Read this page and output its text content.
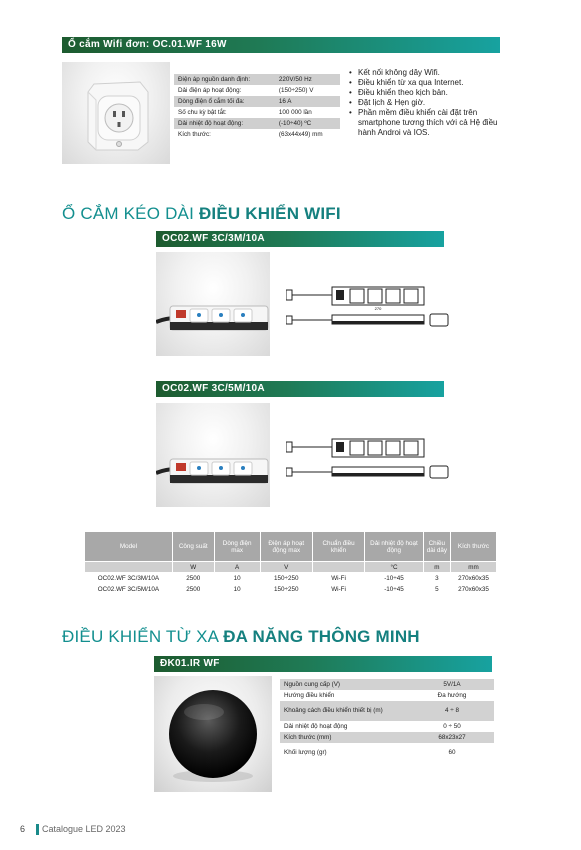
Ổ cắm Wifi đơn: OC.01.WF 16W
Điện áp nguồn danh định:	220V/50 Hz
Dải điện áp hoạt động:	(150÷250) V
Dòng điện ổ cắm tối đa:	16 A
Số chu kỳ bật tắt:	100 000 lần
Dải nhiệt độ hoạt động:	(-10÷40) ºC
Kích thước:	(63x44x49) mm
• Kết nối không dây Wifi.
• Điều khiển từ xa qua Internet.
• Điều khiển theo kịch bản.
• Đặt lịch & Hẹn giờ.
• Phần mềm điều khiển cài đặt trên smartphone tương thích với cả Hệ điều hành Androi và IOS.
Ổ CẮM KÉO DÀI ĐIỀU KHIỂN WIFI
OC02.WF 3C/3M/10A
270
OC02.WF 3C/5M/10A
Model	Công suất	Dòng điện max	Điện áp hoạt động max	Chuẩn điều khiển	Dải nhiệt độ hoạt động	Chiều dài dây	Kích thước
	W	A	V		°C	m	mm
OC02.WF 3C/3M/10A	2500	10	150÷250	Wi-Fi	-10÷45	3	270x60x35
OC02.WF 3C/5M/10A	2500	10	150÷250	Wi-Fi	-10÷45	5	270x60x35
ĐIỀU KHIỂN TỪ XA ĐA NĂNG THÔNG MINH
ĐK01.IR WF
Nguồn cung cấp (V)	5V/1A
Hướng điều khiển	Đa hướng
Khoảng cách điều khiển thiết bị (m)	4 ÷ 8
Dải nhiệt độ hoạt động	0 ÷ 50
Kích thước (mm)	68x23x27
Khối lượng (gr)	60
6 Catalogue LED 2023
